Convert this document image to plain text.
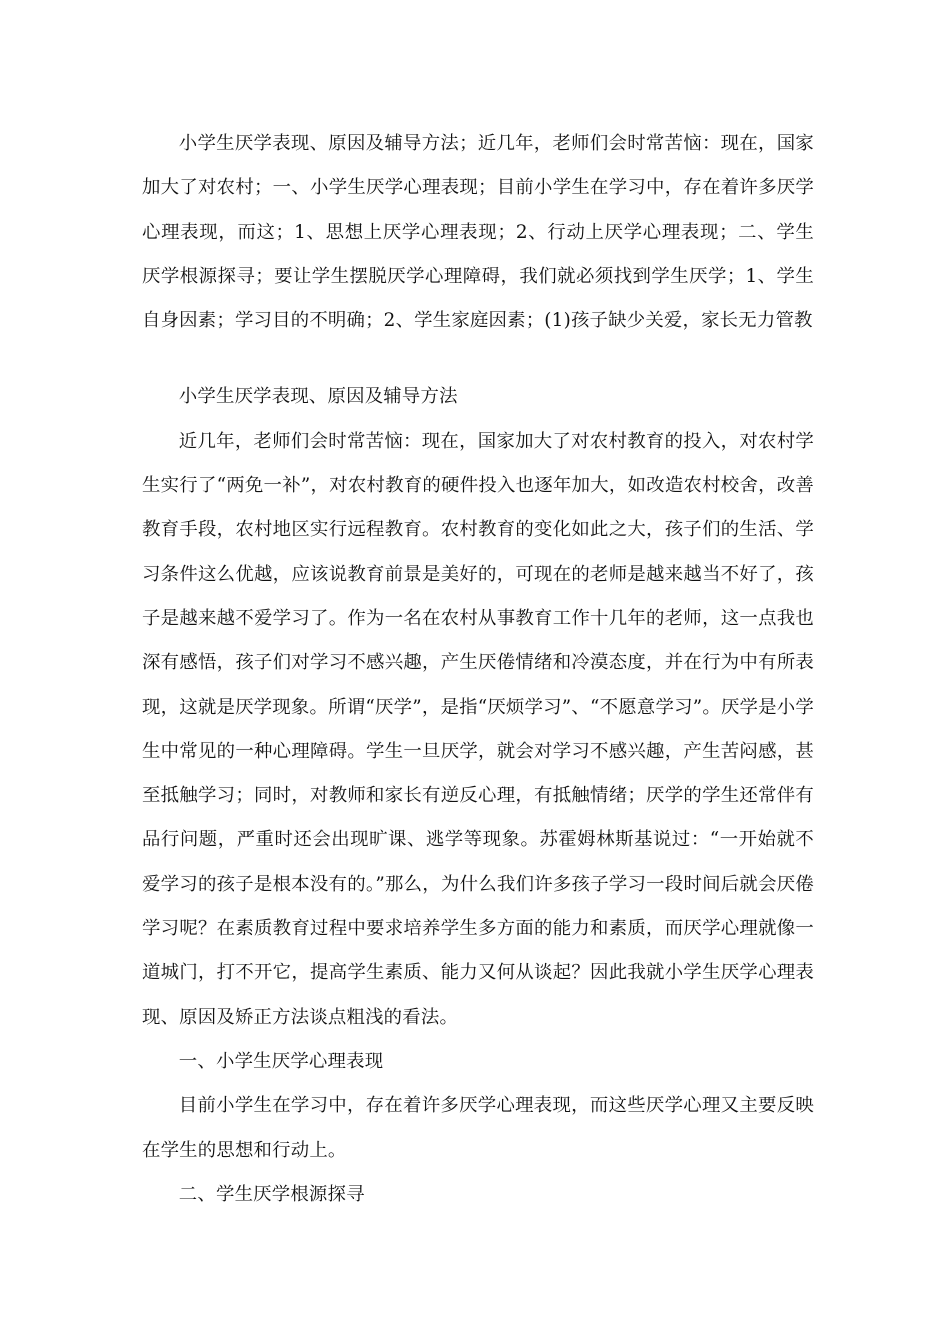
小学生厌学表现、原因及辅导方法；近几年，老师们会时常苦恼：现在，国家加大了对农村；一、小学生厌学心理表现；目前小学生在学习中，存在着许多厌学心理表现，而这；1、思想上厌学心理表现；2、行动上厌学心理表现；二、学生厌学根源探寻；要让学生摆脱厌学心理障碍，我们就必须找到学生厌学；1、学生自身因素；学习目的不明确；2、学生家庭因素；(1)孩子缺少关爱，家长无力管教

小学生厌学表现、原因及辅导方法

近几年，老师们会时常苦恼：现在，国家加大了对农村教育的投入，对农村学生实行了“两免一补”，对农村教育的硬件投入也逐年加大，如改造农村校舍，改善教育手段，农村地区实行远程教育。农村教育的变化如此之大，孩子们的生活、学习条件这么优越，应该说教育前景是美好的，可现在的老师是越来越当不好了，孩子是越来越不爱学习了。作为一名在农村从事教育工作十几年的老师，这一点我也深有感悟，孩子们对学习不感兴趣，产生厌倦情绪和冷漠态度，并在行为中有所表现，这就是厌学现象。所谓“厌学”，是指“厌烦学习”、“不愿意学习”。厌学是小学生中常见的一种心理障碍。学生一旦厌学，就会对学习不感兴趣，产生苦闷感，甚至抵触学习；同时，对教师和家长有逆反心理，有抵触情绪；厌学的学生还常伴有品行问题，严重时还会出现旷课、逃学等现象。苏霍姆林斯基说过：“一开始就不爱学习的孩子是根本没有的。”那么，为什么我们许多孩子学习一段时间后就会厌倦学习呢？在素质教育过程中要求培养学生多方面的能力和素质，而厌学心理就像一道城门，打不开它，提高学生素质、能力又何从谈起？因此我就小学生厌学心理表现、原因及矫正方法谈点粗浅的看法。

一、小学生厌学心理表现

目前小学生在学习中，存在着许多厌学心理表现，而这些厌学心理又主要反映在学生的思想和行动上。

二、学生厌学根源探寻
